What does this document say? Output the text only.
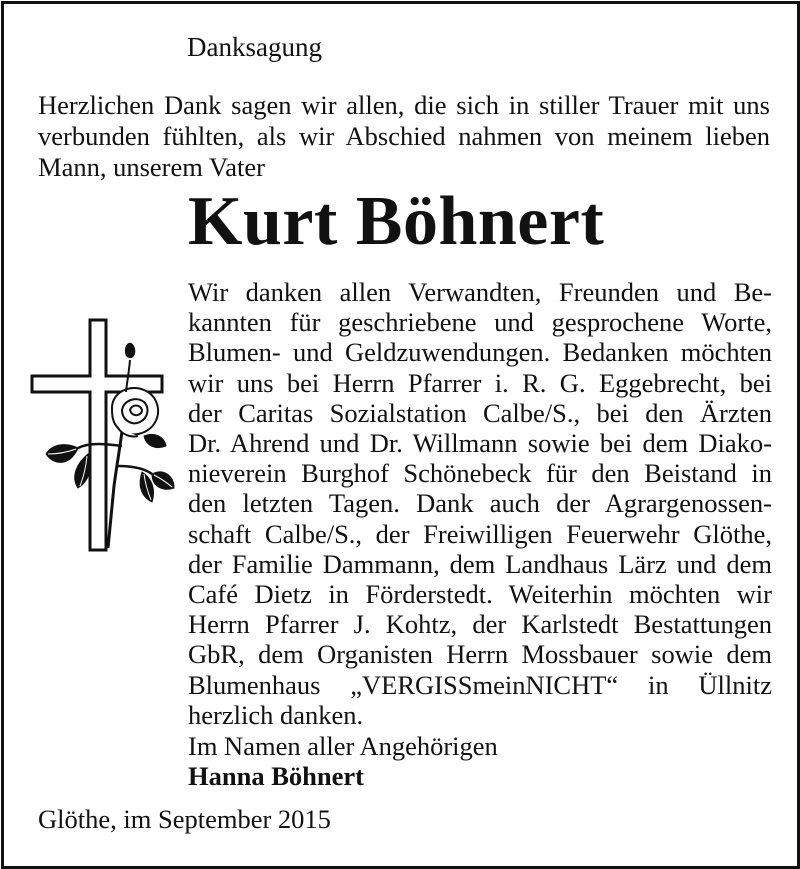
Danksagung
Herzlichen Dank sagen wir allen, die sich in stiller Trauer mit uns verbunden fühlten, als wir Abschied nahmen von meinem lieben Mann, unserem Vater
Kurt Böhnert
Wir danken allen Verwandten, Freunden und Be-
kannten für geschriebene und gesprochene Worte,
Blumen- und Geldzuwendungen. Bedanken möchten
wir uns bei Herrn Pfarrer i. R. G. Eggebrecht, bei
der Caritas Sozialstation Calbe/S., bei den Ärzten
Dr. Ahrend und Dr. Willmann sowie bei dem Diako-
nieverein Burghof Schönebeck für den Beistand in
den letzten Tagen. Dank auch der Agrargenossen-
schaft Calbe/S., der Freiwilligen Feuerwehr Glöthe,
der Familie Dammann, dem Landhaus Lärz und dem
Café Dietz in Förderstedt. Weiterhin möchten wir
Herrn Pfarrer J. Kohtz, der Karlstedt Bestattungen
GbR, dem Organisten Herrn Mossbauer sowie dem
Blumenhaus „VERGISSmeinNICHT“ in Üllnitz
herzlich danken.
Im Namen aller Angehörigen
Hanna Böhnert
Glöthe, im September 2015
